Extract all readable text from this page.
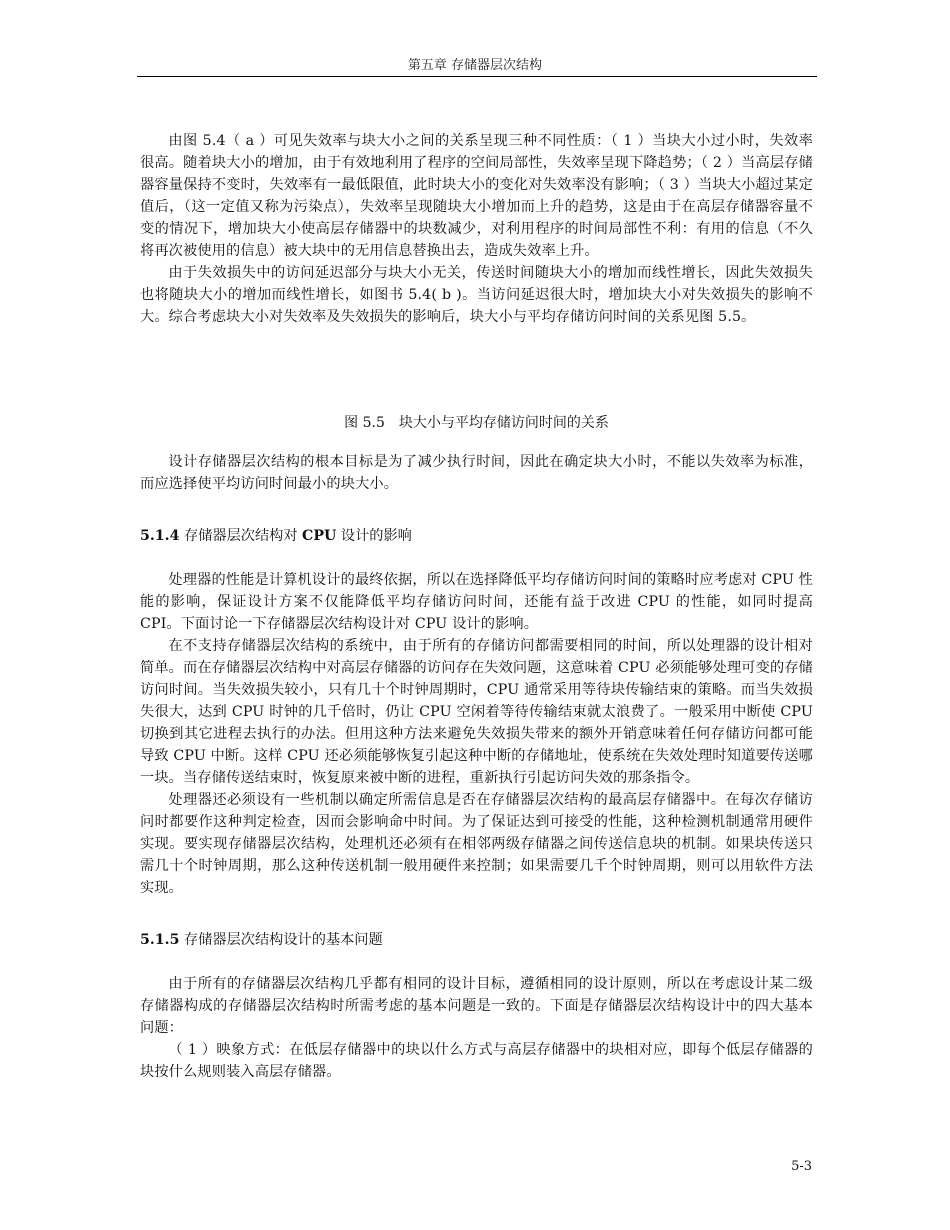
第五章 存储器层次结构

由图 5.4（ a ）可见失效率与块大小之间的关系呈现三种不同性质：（ 1 ）当块大小过小时，失效率很高。随着块大小的增加，由于有效地利用了程序的空间局部性，失效率呈现下降趋势；（ 2 ）当高层存储器容量保持不变时，失效率有一最低限值，此时块大小的变化对失效率没有影响；（ 3 ）当块大小超过某定值后，（这一定值又称为污染点），失效率呈现随块大小增加而上升的趋势，这是由于在高层存储器容量不变的情况下，增加块大小使高层存储器中的块数减少，对利用程序的时间局部性不利：有用的信息（不久将再次被使用的信息）被大块中的无用信息替换出去，造成失效率上升。

由于失效损失中的访问延迟部分与块大小无关，传送时间随块大小的增加而线性增长，因此失效损失也将随块大小的增加而线性增长，如图书 5.4( b )。当访问延迟很大时，增加块大小对失效损失的影响不大。综合考虑块大小对失效率及失效损失的影响后，块大小与平均存储访问时间的关系见图 5.5。

图 5.5　块大小与平均存储访问时间的关系

设计存储器层次结构的根本目标是为了减少执行时间，因此在确定块大小时，不能以失效率为标准，而应选择使平均访问时间最小的块大小。

5.1.4 存储器层次结构对 CPU 设计的影响

处理器的性能是计算机设计的最终依据，所以在选择降低平均存储访问时间的策略时应考虑对 CPU 性能的影响，保证设计方案不仅能降低平均存储访问时间，还能有益于改进 CPU 的性能，如同时提高 CPI。下面讨论一下存储器层次结构设计对 CPU 设计的影响。

在不支持存储器层次结构的系统中，由于所有的存储访问都需要相同的时间，所以处理器的设计相对简单。而在存储器层次结构中对高层存储器的访问存在失效问题，这意味着 CPU 必须能够处理可变的存储访问时间。当失效损失较小，只有几十个时钟周期时，CPU 通常采用等待块传输结束的策略。而当失效损失很大，达到 CPU 时钟的几千倍时，仍让 CPU 空闲着等待传输结束就太浪费了。一般采用中断使 CPU 切换到其它进程去执行的办法。但用这种方法来避免失效损失带来的额外开销意味着任何存储访问都可能导致 CPU 中断。这样 CPU 还必须能够恢复引起这种中断的存储地址，使系统在失效处理时知道要传送哪一块。当存储传送结束时，恢复原来被中断的进程，重新执行引起访问失效的那条指令。

处理器还必须设有一些机制以确定所需信息是否在存储器层次结构的最高层存储器中。在每次存储访问时都要作这种判定检查，因而会影响命中时间。为了保证达到可接受的性能，这种检测机制通常用硬件实现。要实现存储器层次结构，处理机还必须有在相邻两级存储器之间传送信息块的机制。如果块传送只需几十个时钟周期，那么这种传送机制一般用硬件来控制；如果需要几千个时钟周期，则可以用软件方法实现。

5.1.5 存储器层次结构设计的基本问题

由于所有的存储器层次结构几乎都有相同的设计目标，遵循相同的设计原则，所以在考虑设计某二级存储器构成的存储器层次结构时所需考虑的基本问题是一致的。下面是存储器层次结构设计中的四大基本问题：

（ 1 ）映象方式：在低层存储器中的块以什么方式与高层存储器中的块相对应，即每个低层存储器的块按什么规则装入高层存储器。

5-3
